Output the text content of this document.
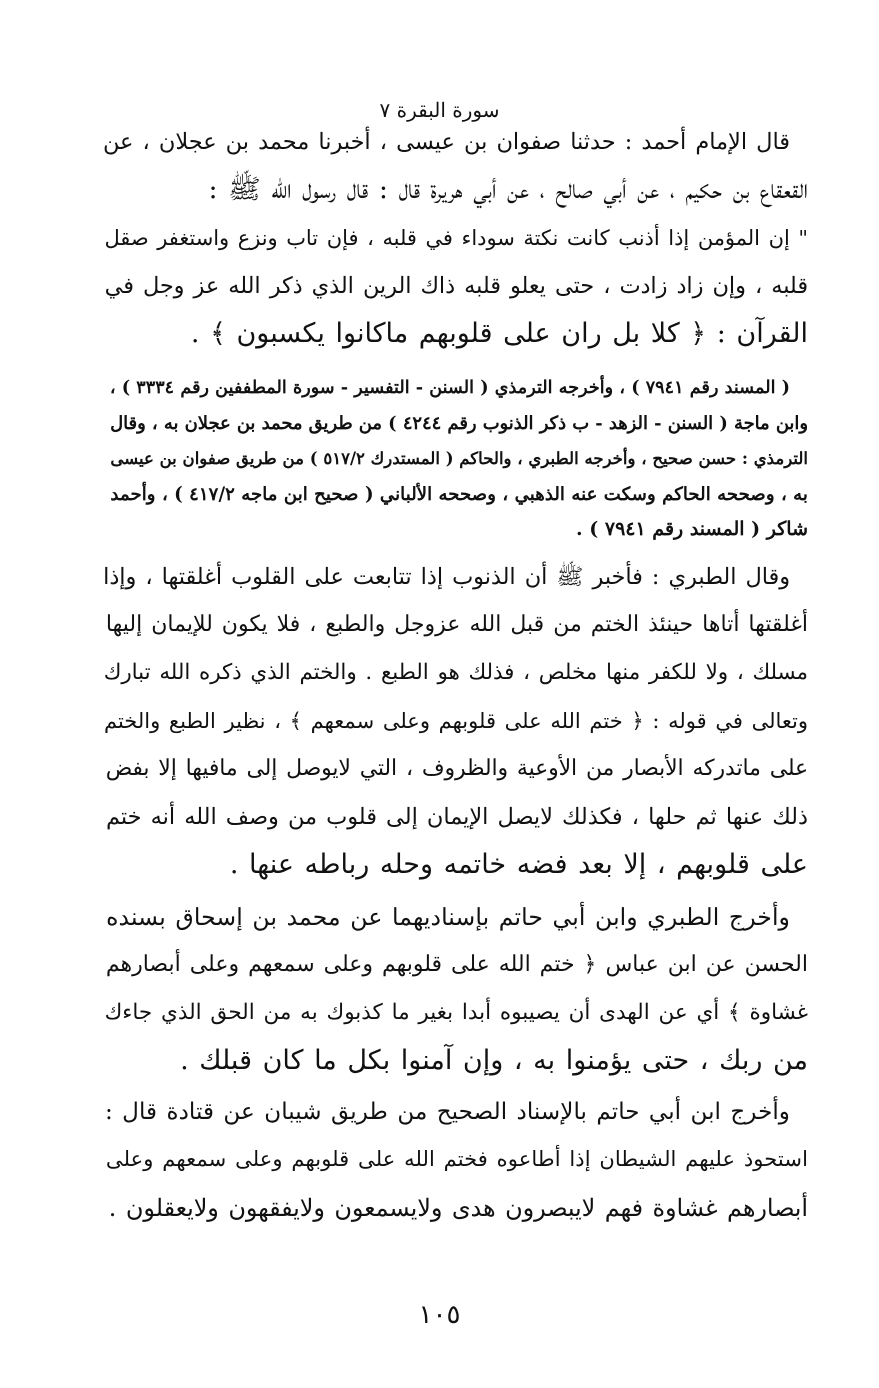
سورة البقرة ٧
قال الإمام أحمد : حدثنا صفوان بن عيسى ، أخبرنا محمد بن عجلان ، عن
القعقاع بن حكيم ، عن أبي صالح ، عن أبي هريرة قال : قال رسول الله ﷺ :
" إن المؤمن إذا أذنب كانت نكتة سوداء في قلبه ، فإن تاب ونزع واستغفر صقل
قلبه ، وإن زاد زادت ، حتى يعلو قلبه ذاك الرين الذي ذكر الله عز وجل في
القرآن : ﴿ كلا بل ران على قلوبهم ماكانوا يكسبون ﴾ .
( المسند رقم ٧٩٤١ ) ، وأخرجه الترمذي ( السنن - التفسير - سورة المطففين رقم ٣٣٣٤ ) ،
وابن ماجة ( السنن - الزهد - ب ذكر الذنوب رقم ٤٢٤٤ ) من طريق محمد بن عجلان به ، وقال
الترمذي : حسن صحيح ، وأخرجه الطبري ، والحاكم ( المستدرك ٥١٧/٢ ) من طريق صفوان بن عيسى
به ، وصححه الحاكم وسكت عنه الذهبي ، وصححه الألباني ( صحيح ابن ماجه ٤١٧/٢ ) ، وأحمد
شاكر ( المسند رقم ٧٩٤١ ) .
وقال الطبري : فأخبر ﷺ أن الذنوب إذا تتابعت على القلوب أغلقتها ، وإذا
أغلقتها أتاها حينئذ الختم من قبل الله عزوجل والطبع ، فلا يكون للإيمان إليها
مسلك ، ولا للكفر منها مخلص ، فذلك هو الطبع . والختم الذي ذكره الله تبارك
وتعالى في قوله : ﴿ ختم الله على قلوبهم وعلى سمعهم ﴾ ، نظير الطبع والختم
على ماتدركه الأبصار من الأوعية والظروف ، التي لايوصل إلى مافيها إلا بفض
ذلك عنها ثم حلها ، فكذلك لايصل الإيمان إلى قلوب من وصف الله أنه ختم
على قلوبهم ، إلا بعد فضه خاتمه وحله رباطه عنها .
وأخرج الطبري وابن أبي حاتم بإسناديهما عن محمد بن إسحاق بسنده
الحسن عن ابن عباس ﴿ ختم الله على قلوبهم وعلى سمعهم وعلى أبصارهم
غشاوة ﴾ أي عن الهدى أن يصيبوه أبدا بغير ما كذبوك به من الحق الذي جاءك
من ربك ، حتى يؤمنوا به ، وإن آمنوا بكل ما كان قبلك .
وأخرج ابن أبي حاتم بالإسناد الصحيح من طريق شيبان عن قتادة قال :
استحوذ عليهم الشيطان إذا أطاعوه فختم الله على قلوبهم وعلى سمعهم وعلى
أبصارهم غشاوة فهم لايبصرون هدى ولايسمعون ولايفقهون ولايعقلون .
١٠٥
